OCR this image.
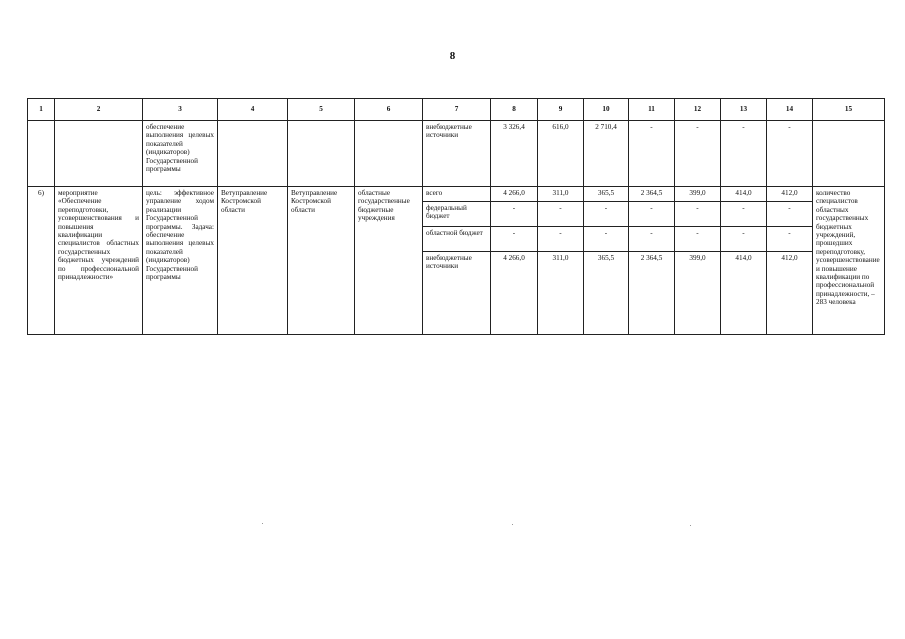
8
1	2	3	4	5	6	7	8	9	10	11	12	13	14	15
		обеспечение выполнения целевых показателей (индикаторов) Государственной программы				внебюджетные источники	3 326,4	616,0	2 710,4	-	-	-	-	
6)	мероприятие «Обеспечение переподготовки, усовершенствования и повышения квалификации специалистов областных государственных бюджетных учреждений по профессиональной принадлежности»	цель: эффективное управление ходом реализации Государственной программы. Задача: обеспечение выполнения целевых показателей (индикаторов) Государственной программы	Ветуправление Костромской области	Ветуправление Костромской области	областные государственные бюджетные учреждения	всего	4 266,0	311,0	365,5	2 364,5	399,0	414,0	412,0	количество специалистов областных государственных бюджетных учреждений, прошедших переподготовку, усовершенствование и повышение квалификации по профессиональной принадлежности, – 283 человека
						федеральный бюджет	-	-	-	-	-	-	-	
						областной бюджет	-	-	-	-	-	-	-	
						внебюджетные источники	4 266,0	311,0	365,5	2 364,5	399,0	414,0	412,0	
